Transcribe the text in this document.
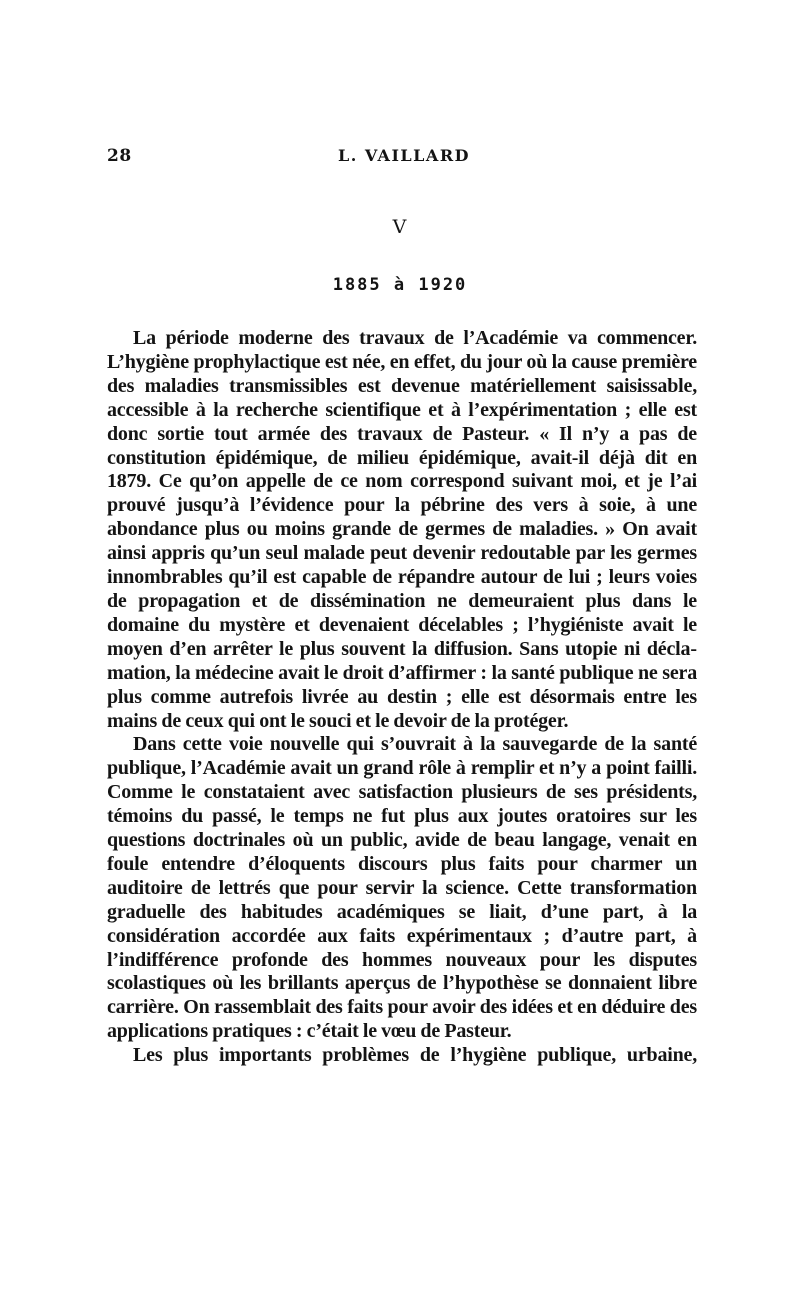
28	L. VAILLARD
V
1885 à 1920

La période moderne des travaux de l’Académie va commencer. L’hygiène prophylactique est née, en effet, du jour où la cause première des maladies transmissibles est devenue matériellement saisissable, accessible à la recherche scientifique et à l’expérimentation ; elle est donc sortie tout armée des travaux de Pasteur. « Il n’y a pas de constitution épidémique, de milieu épidémique, avait-il déjà dit en 1879. Ce qu’on appelle de ce nom correspond suivant moi, et je l’ai prouvé jusqu’à l’évidence pour la pébrine des vers à soie, à une abondance plus ou moins grande de germes de maladies. » On avait ainsi appris qu’un seul malade peut devenir redoutable par les germes innombrables qu’il est capable de répandre autour de lui ; leurs voies de propagation et de dissémination ne demeuraient plus dans le domaine du mystère et devenaient décelables ; l’hygiéniste avait le moyen d’en arrêter le plus souvent la diffusion. Sans utopie ni déclamation, la médecine avait le droit d’affirmer : la santé publique ne sera plus comme autrefois livrée au destin ; elle est désormais entre les mains de ceux qui ont le souci et le devoir de la protéger.

Dans cette voie nouvelle qui s’ouvrait à la sauvegarde de la santé publique, l’Académie avait un grand rôle à remplir et n’y a point failli. Comme le constataient avec satisfaction plusieurs de ses présidents, témoins du passé, le temps ne fut plus aux joutes oratoires sur les questions doctrinales où un public, avide de beau langage, venait en foule entendre d’éloquents discours plus faits pour charmer un auditoire de lettrés que pour servir la science. Cette transformation graduelle des habitudes académiques se liait, d’une part, à la considération accordée aux faits expérimentaux ; d’autre part, à l’indifférence profonde des hommes nouveaux pour les disputes scolastiques où les brillants aperçus de l’hypothèse se donnaient libre carrière. On rassemblait des faits pour avoir des idées et en déduire des applications pratiques : c’était le vœu de Pasteur.

Les plus importants problèmes de l’hygiène publique, urbaine,
